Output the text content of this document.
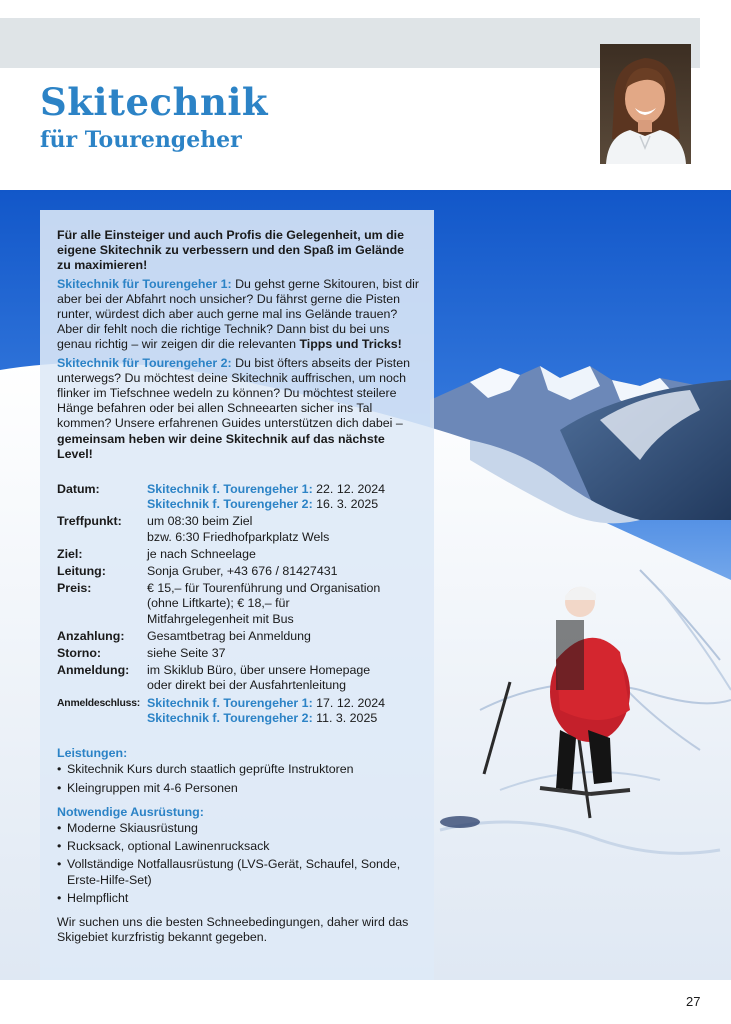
Skitechnik
für Tourengeher

Für alle Einsteiger und auch Profis die Gelegenheit, um die eigene Skitechnik zu verbessern und den Spaß im Gelände zu maximieren!

Skitechnik für Tourengeher 1: Du gehst gerne Skitouren, bist dir aber bei der Abfahrt noch unsicher? Du fährst gerne die Pisten runter, würdest dich aber auch gerne mal ins Gelände trauen? Aber dir fehlt noch die richtige Technik? Dann bist du bei uns genau richtig – wir zeigen dir die relevanten Tipps und Tricks!

Skitechnik für Tourengeher 2: Du bist öfters abseits der Pisten unterwegs? Du möchtest deine Skitechnik auffrischen, um noch flinker im Tiefschnee wedeln zu können? Du möchtest steilere Hänge befahren oder bei allen Schneearten sicher ins Tal kommen? Unsere erfahrenen Guides unterstützen dich dabei – gemeinsam heben wir deine Skitechnik auf das nächste Level!

Datum:	Skitechnik f. Tourengeher 1: 22. 12. 2024
Skitechnik f. Tourengeher 2: 16. 3. 2025
Treffpunkt:	um 08:30 beim Ziel
bzw. 6:30 Friedhofparkplatz Wels
Ziel:	je nach Schneelage
Leitung:	Sonja Gruber, +43 676 / 81427431
Preis:	€ 15,– für Tourenführung und Organisation
(ohne Liftkarte); € 18,– für
Mitfahrgelegenheit mit Bus
Anzahlung:	Gesamtbetrag bei Anmeldung
Storno:	siehe Seite 37
Anmeldung:	im Skiklub Büro, über unsere Homepage
oder direkt bei der Ausfahrtenleitung
Anmeldeschluss: Skitechnik f. Tourengeher 1: 17. 12. 2024
Skitechnik f. Tourengeher 2: 11. 3. 2025
Leistungen:
• Skitechnik Kurs durch staatlich geprüfte Instruktoren
• Kleingruppen mit 4-6 Personen
Notwendige Ausrüstung:
• Moderne Skiausrüstung
• Rucksack, optional Lawinenrucksack
• Vollständige Notfallausrüstung (LVS-Gerät, Schaufel, Sonde, Erste-Hilfe-Set)
• Helmpflicht

Wir suchen uns die besten Schneebedingungen, daher wird das Skigebiet kurzfristig bekannt gegeben.

27
